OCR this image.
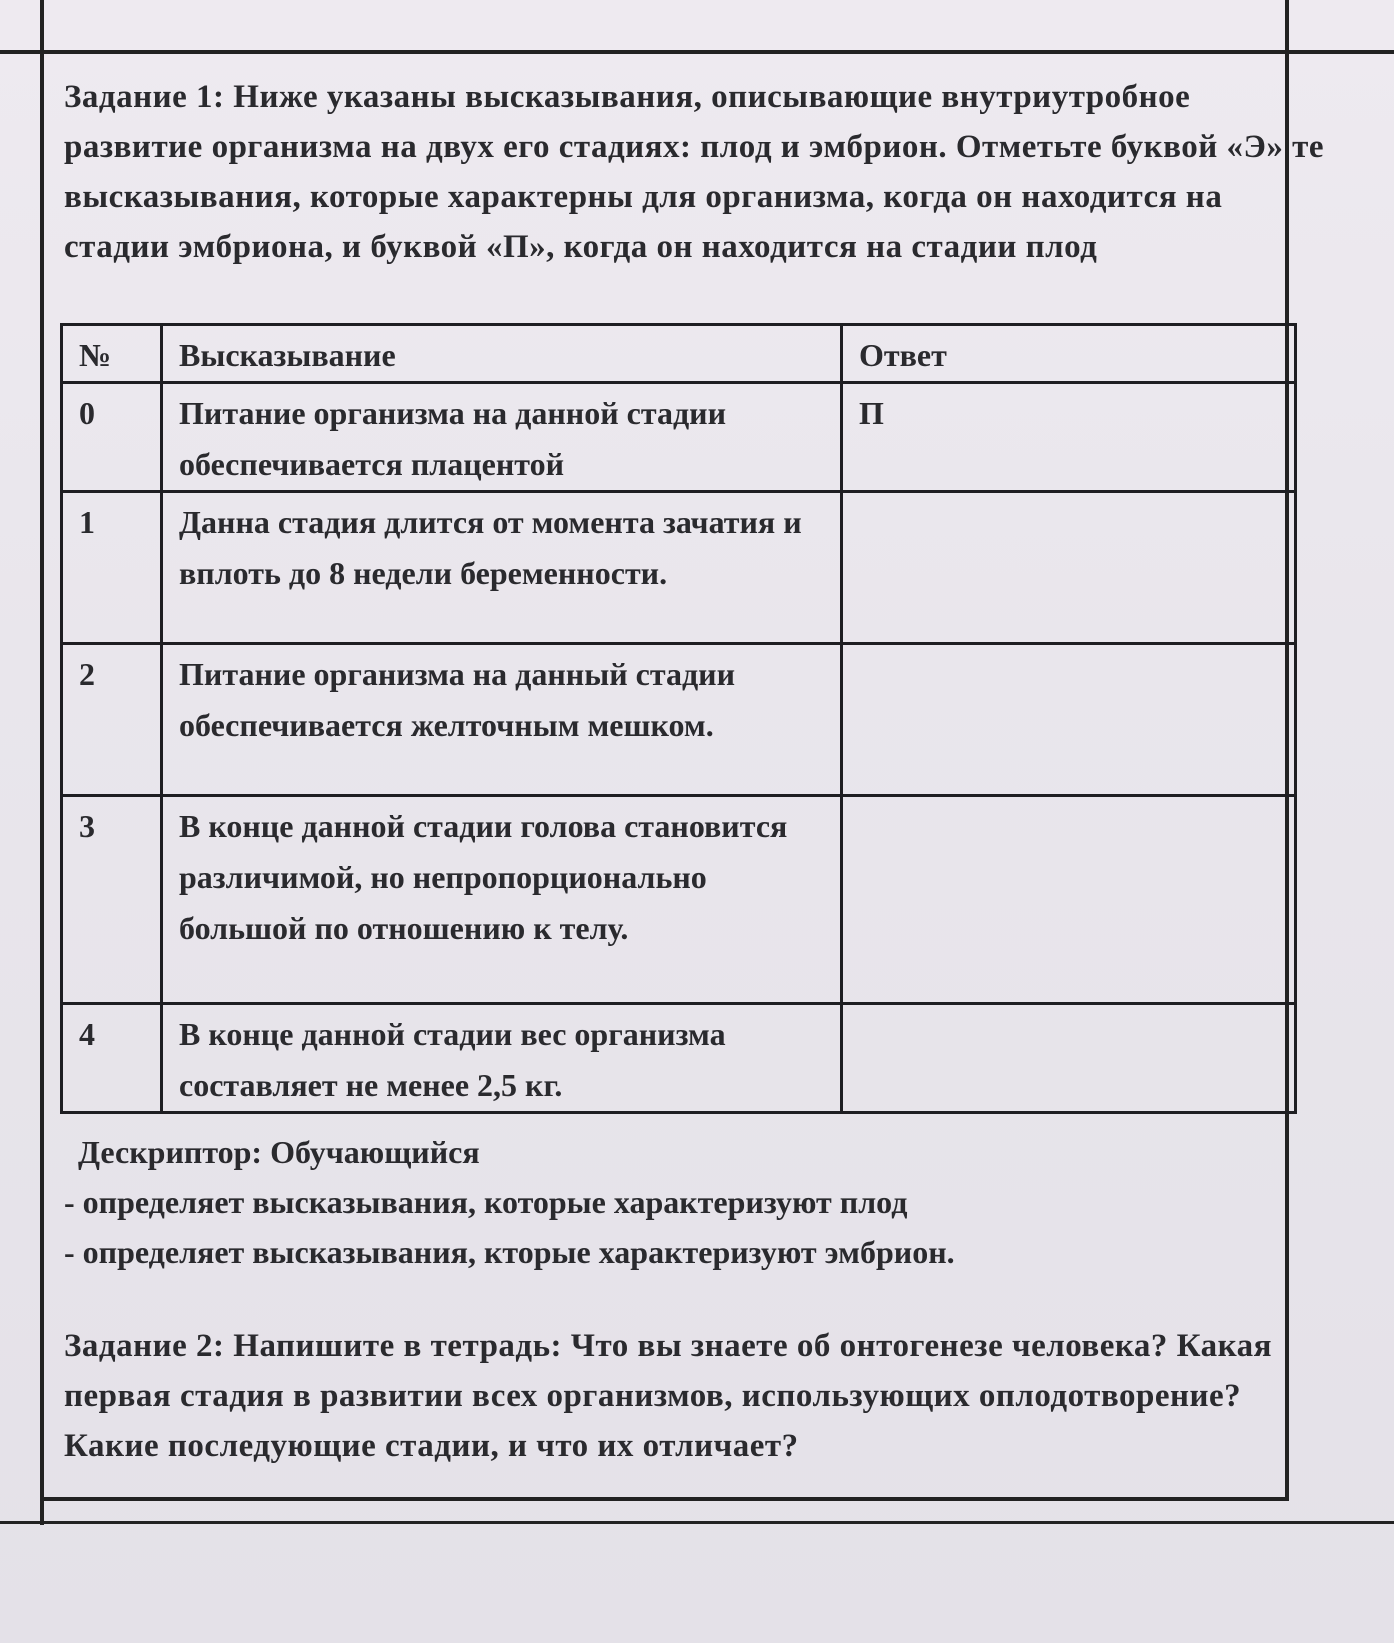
Задание 1: Ниже указаны высказывания, описывающие внутриутробное развитие организма на двух его стадиях: плод и эмбрион. Отметьте буквой «Э» те высказывания, которые характерны для организма, когда он находится на стадии эмбриона, и буквой «П», когда он находится на стадии плод

№	Высказывание	Ответ
0	Питание организма на данной стадии обеспечивается плацентой	П
1	Данна стадия длится от момента зачатия и вплоть до 8 недели беременности.	
2	Питание организма на данный стадии обеспечивается желточным мешком.	
3	В конце данной стадии голова становится различимой, но непропорционально большой по отношению к телу.	
4	В конце данной стадии вес организма составляет не менее 2,5 кг.	
Дескриптор: Обучающийся
- определяет высказывания, которые характеризуют плод
- определяет высказывания, кторые характеризуют эмбрион.

Задание 2: Напишите в тетрадь: Что вы знаете об онтогенезе человека? Какая первая стадия в развитии всех организмов, использующих оплодотворение? Какие последующие стадии, и что их отличает?
